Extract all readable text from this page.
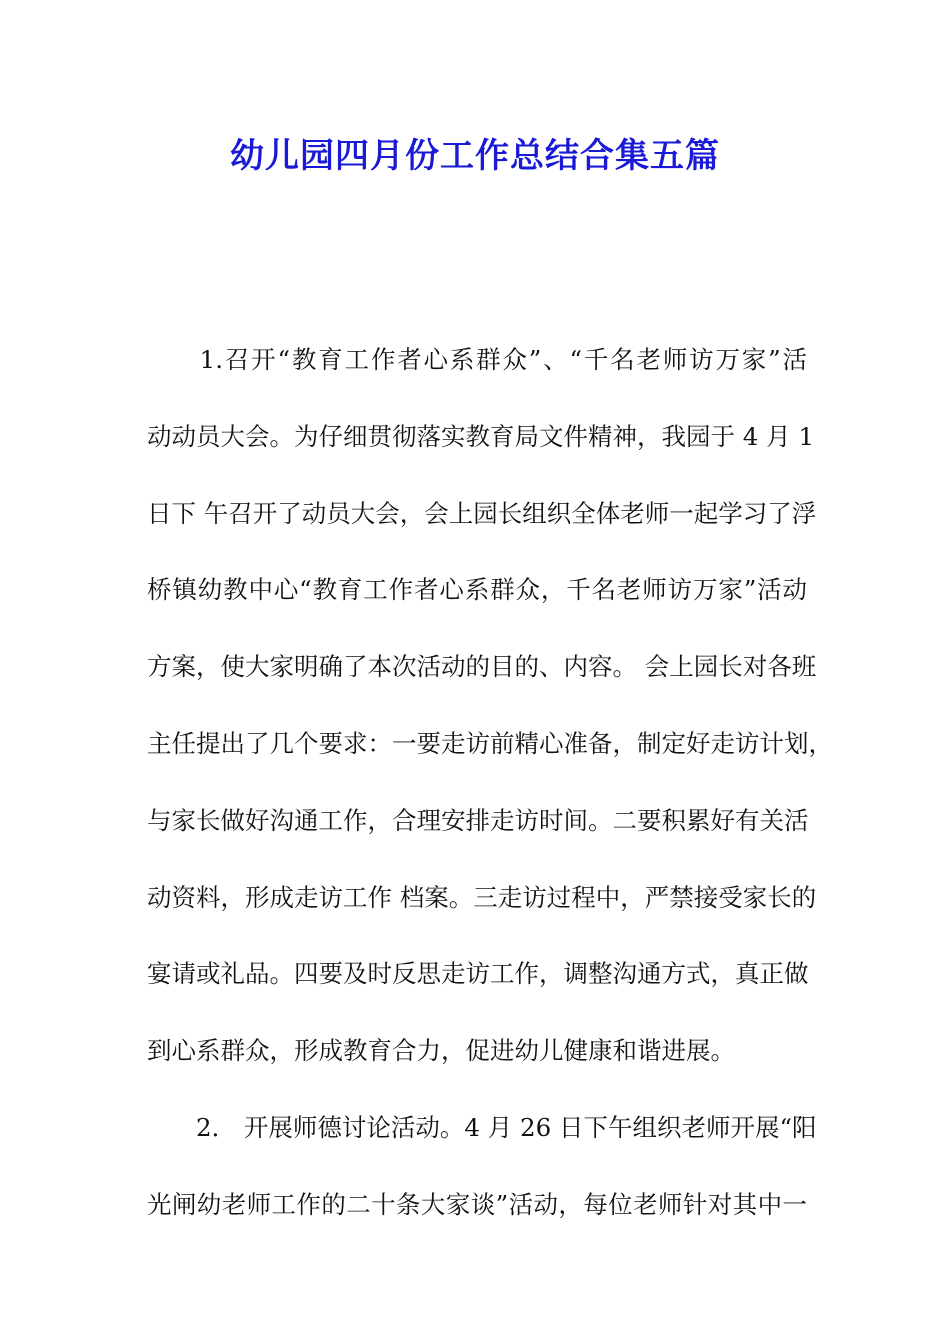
幼儿园四月份工作总结合集五篇
　　1.召开“教育工作者心系群众”、“千名老师访万家”活
动动员大会。为仔细贯彻落实教育局文件精神，我园于 4 月 1
日下 午召开了动员大会，会上园长组织全体老师一起学习了浮
桥镇幼教中心“教育工作者心系群众，千名老师访万家”活动
方案，使大家明确了本次活动的目的、内容。 会上园长对各班
主任提出了几个要求：一要走访前精心准备，制定好走访计划，
与家长做好沟通工作，合理安排走访时间。二要积累好有关活
动资料，形成走访工作 档案。三走访过程中，严禁接受家长的
宴请或礼品。四要及时反思走访工作，调整沟通方式，真正做
到心系群众，形成教育合力，促进幼儿健康和谐进展。
　　2． 开展师德讨论活动。4 月 26 日下午组织老师开展“阳
光闸幼老师工作的二十条大家谈”活动，每位老师针对其中一
